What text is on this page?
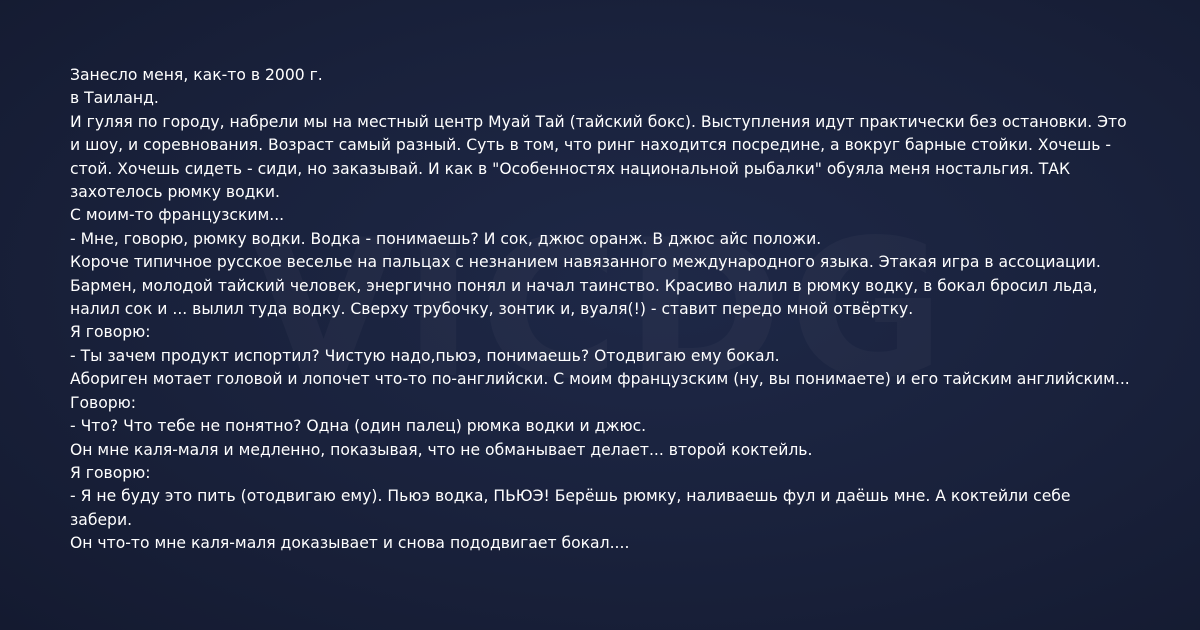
Занесло меня, как-то в 2000 г.

в Таиланд.

И гуляя по городу, набрели мы на местный центр Муай Тай (тайский бокс). Выступления идут практически без остановки. Это и шоу, и соревнования. Возраст самый разный. Суть в том, что ринг находится посредине, а вокруг барные стойки. Хочешь - стой. Хочешь сидеть - сиди, но заказывай. И как в "Особенностях национальной рыбалки" обуяла меня ностальгия. ТАК захотелось рюмку водки.

С моим-то французским...

- Мне, говорю, рюмку водки. Водка - понимаешь? И сок, джюс оранж. В джюс айс положи.

Короче типичное русское веселье на пальцах с незнанием навязанного международного языка. Этакая игра в ассоциации. Бармен, молодой тайский человек, энергично понял и начал таинство. Красиво налил в рюмку водку, в бокал бросил льда, налил сок и ... вылил туда водку. Сверху трубочку, зонтик и, вуаля(!) - ставит передо мной отвёртку.

Я говорю:

- Ты зачем продукт испортил? Чистую надо,пьюэ, понимаешь? Отодвигаю ему бокал.

Абориген мотает головой и лопочет что-то по-английски. С моим французским (ну, вы понимаете) и его тайским английским...

Говорю:

- Что? Что тебе не понятно? Одна (один палец) рюмка водки и джюс.

Он мне каля-маля и медленно, показывая, что не обманывает делает... второй коктейль.

Я говорю:

- Я не буду это пить (отодвигаю ему). Пьюэ водка, ПЬЮЭ! Берёшь рюмку, наливаешь фул и даёшь мне. А коктейли себе забери.

Он что-то мне каля-маля доказывает и снова пододвигает бокал....
